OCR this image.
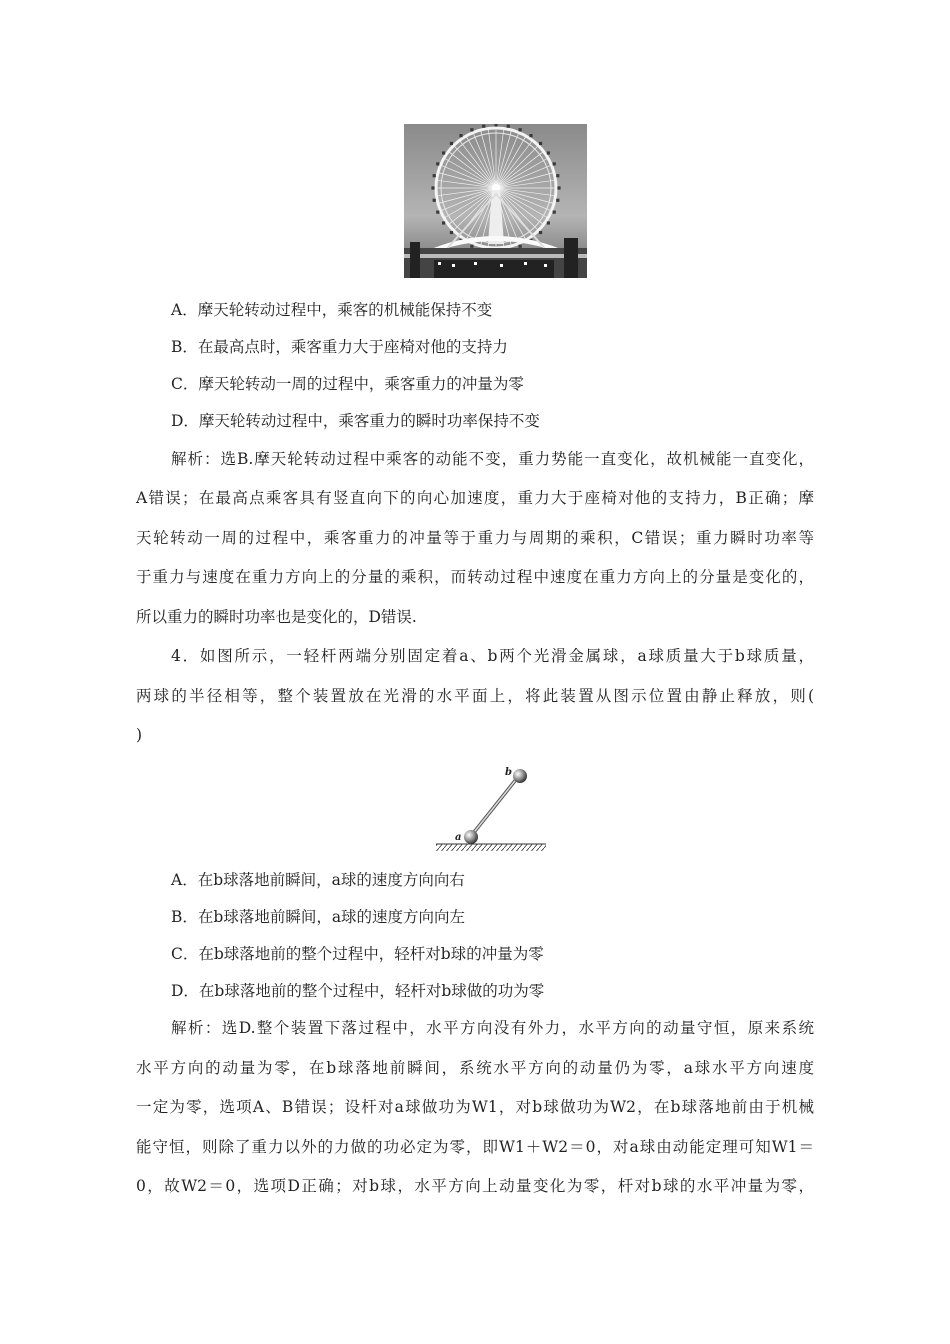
A．摩天轮转动过程中，乘客的机械能保持不变

B．在最高点时，乘客重力大于座椅对他的支持力

C．摩天轮转动一周的过程中，乘客重力的冲量为零

D．摩天轮转动过程中，乘客重力的瞬时功率保持不变

解析：选B.摩天轮转动过程中乘客的动能不变，重力势能一直变化，故机械能一直变化，

A错误；在最高点乘客具有竖直向下的向心加速度，重力大于座椅对他的支持力，B正确；摩

天轮转动一周的过程中，乘客重力的冲量等于重力与周期的乘积，C错误；重力瞬时功率等

于重力与速度在重力方向上的分量的乘积，而转动过程中速度在重力方向上的分量是变化的，

所以重力的瞬时功率也是变化的，D错误.

4．如图所示，一轻杆两端分别固定着a、b两个光滑金属球，a球质量大于b球质量，

两球的半径相等，整个装置放在光滑的水平面上，将此装置从图示位置由静止释放，则(

)

b
a

A．在b球落地前瞬间，a球的速度方向向右

B．在b球落地前瞬间，a球的速度方向向左

C．在b球落地前的整个过程中，轻杆对b球的冲量为零

D．在b球落地前的整个过程中，轻杆对b球做的功为零

解析：选D.整个装置下落过程中，水平方向没有外力，水平方向的动量守恒，原来系统

水平方向的动量为零，在b球落地前瞬间，系统水平方向的动量仍为零，a球水平方向速度

一定为零，选项A、B错误；设杆对a球做功为W1，对b球做功为W2，在b球落地前由于机械

能守恒，则除了重力以外的力做的功必定为零，即W1＋W2＝0，对a球由动能定理可知W1＝

0，故W2＝0，选项D正确；对b球，水平方向上动量变化为零，杆对b球的水平冲量为零，
